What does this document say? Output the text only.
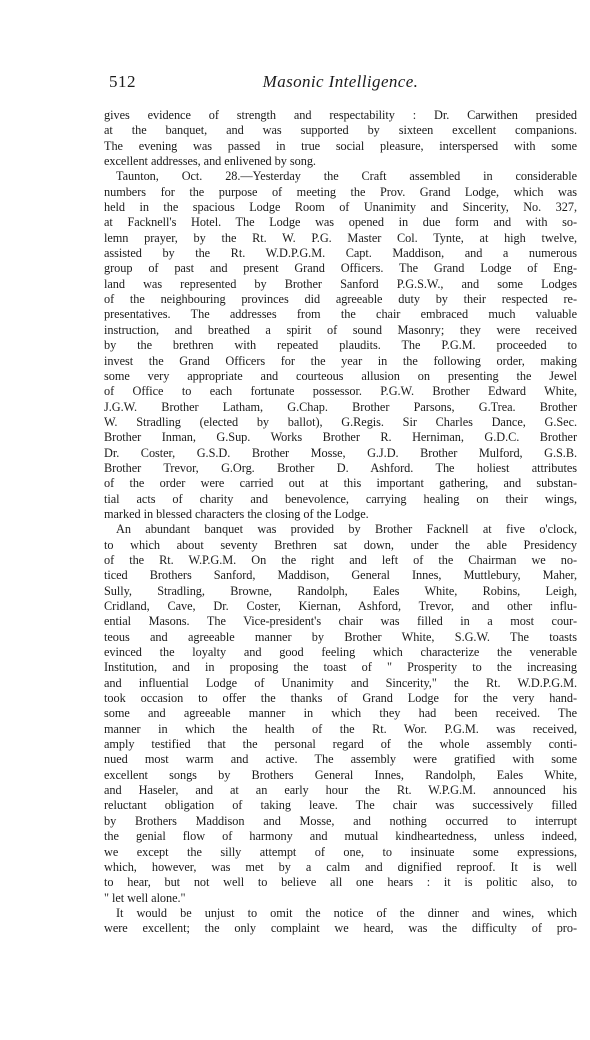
512	Masonic Intelligence.
gives evidence of strength and respectability : Dr. Carwithen presided
at the banquet, and was supported by sixteen excellent companions.
The evening was passed in true social pleasure, interspersed with some
excellent addresses, and enlivened by song.
Taunton, Oct. 28.—Yesterday the Craft assembled in considerable
numbers for the purpose of meeting the Prov. Grand Lodge, which was
held in the spacious Lodge Room of Unanimity and Sincerity, No. 327,
at Facknell's Hotel. The Lodge was opened in due form and with so-
lemn prayer, by the Rt. W. P.G. Master Col. Tynte, at high twelve,
assisted by the Rt. W.D.P.G.M. Capt. Maddison, and a numerous
group of past and present Grand Officers. The Grand Lodge of Eng-
land was represented by Brother Sanford P.G.S.W., and some Lodges
of the neighbouring provinces did agreeable duty by their respected re-
presentatives. The addresses from the chair embraced much valuable
instruction, and breathed a spirit of sound Masonry; they were received
by the brethren with repeated plaudits. The P.G.M. proceeded to
invest the Grand Officers for the year in the following order, making
some very appropriate and courteous allusion on presenting the Jewel
of Office to each fortunate possessor. P.G.W. Brother Edward White,
J.G.W. Brother Latham, G.Chap. Brother Parsons, G.Trea. Brother
W. Stradling (elected by ballot), G.Regis. Sir Charles Dance, G.Sec.
Brother Inman, G.Sup. Works Brother R. Herniman, G.D.C. Brother
Dr. Coster, G.S.D. Brother Mosse, G.J.D. Brother Mulford, G.S.B.
Brother Trevor, G.Org. Brother D. Ashford. The holiest attributes
of the order were carried out at this important gathering, and substan-
tial acts of charity and benevolence, carrying healing on their wings,
marked in blessed characters the closing of the Lodge.
An abundant banquet was provided by Brother Facknell at five o'clock,
to which about seventy Brethren sat down, under the able Presidency
of the Rt. W.P.G.M. On the right and left of the Chairman we no-
ticed Brothers Sanford, Maddison, General Innes, Muttlebury, Maher,
Sully, Stradling, Browne, Randolph, Eales White, Robins, Leigh,
Cridland, Cave, Dr. Coster, Kiernan, Ashford, Trevor, and other influ-
ential Masons. The Vice-president's chair was filled in a most cour-
teous and agreeable manner by Brother White, S.G.W. The toasts
evinced the loyalty and good feeling which characterize the venerable
Institution, and in proposing the toast of " Prosperity to the increasing
and influential Lodge of Unanimity and Sincerity," the Rt. W.D.P.G.M.
took occasion to offer the thanks of Grand Lodge for the very hand-
some and agreeable manner in which they had been received. The
manner in which the health of the Rt. Wor. P.G.M. was received,
amply testified that the personal regard of the whole assembly conti-
nued most warm and active. The assembly were gratified with some
excellent songs by Brothers General Innes, Randolph, Eales White,
and Haseler, and at an early hour the Rt. W.P.G.M. announced his
reluctant obligation of taking leave. The chair was successively filled
by Brothers Maddison and Mosse, and nothing occurred to interrupt
the genial flow of harmony and mutual kindheartedness, unless indeed,
we except the silly attempt of one, to insinuate some expressions,
which, however, was met by a calm and dignified reproof. It is well
to hear, but not well to believe all one hears : it is politic also, to
" let well alone."
It would be unjust to omit the notice of the dinner and wines, which
were excellent; the only complaint we heard, was the difficulty of pro-
